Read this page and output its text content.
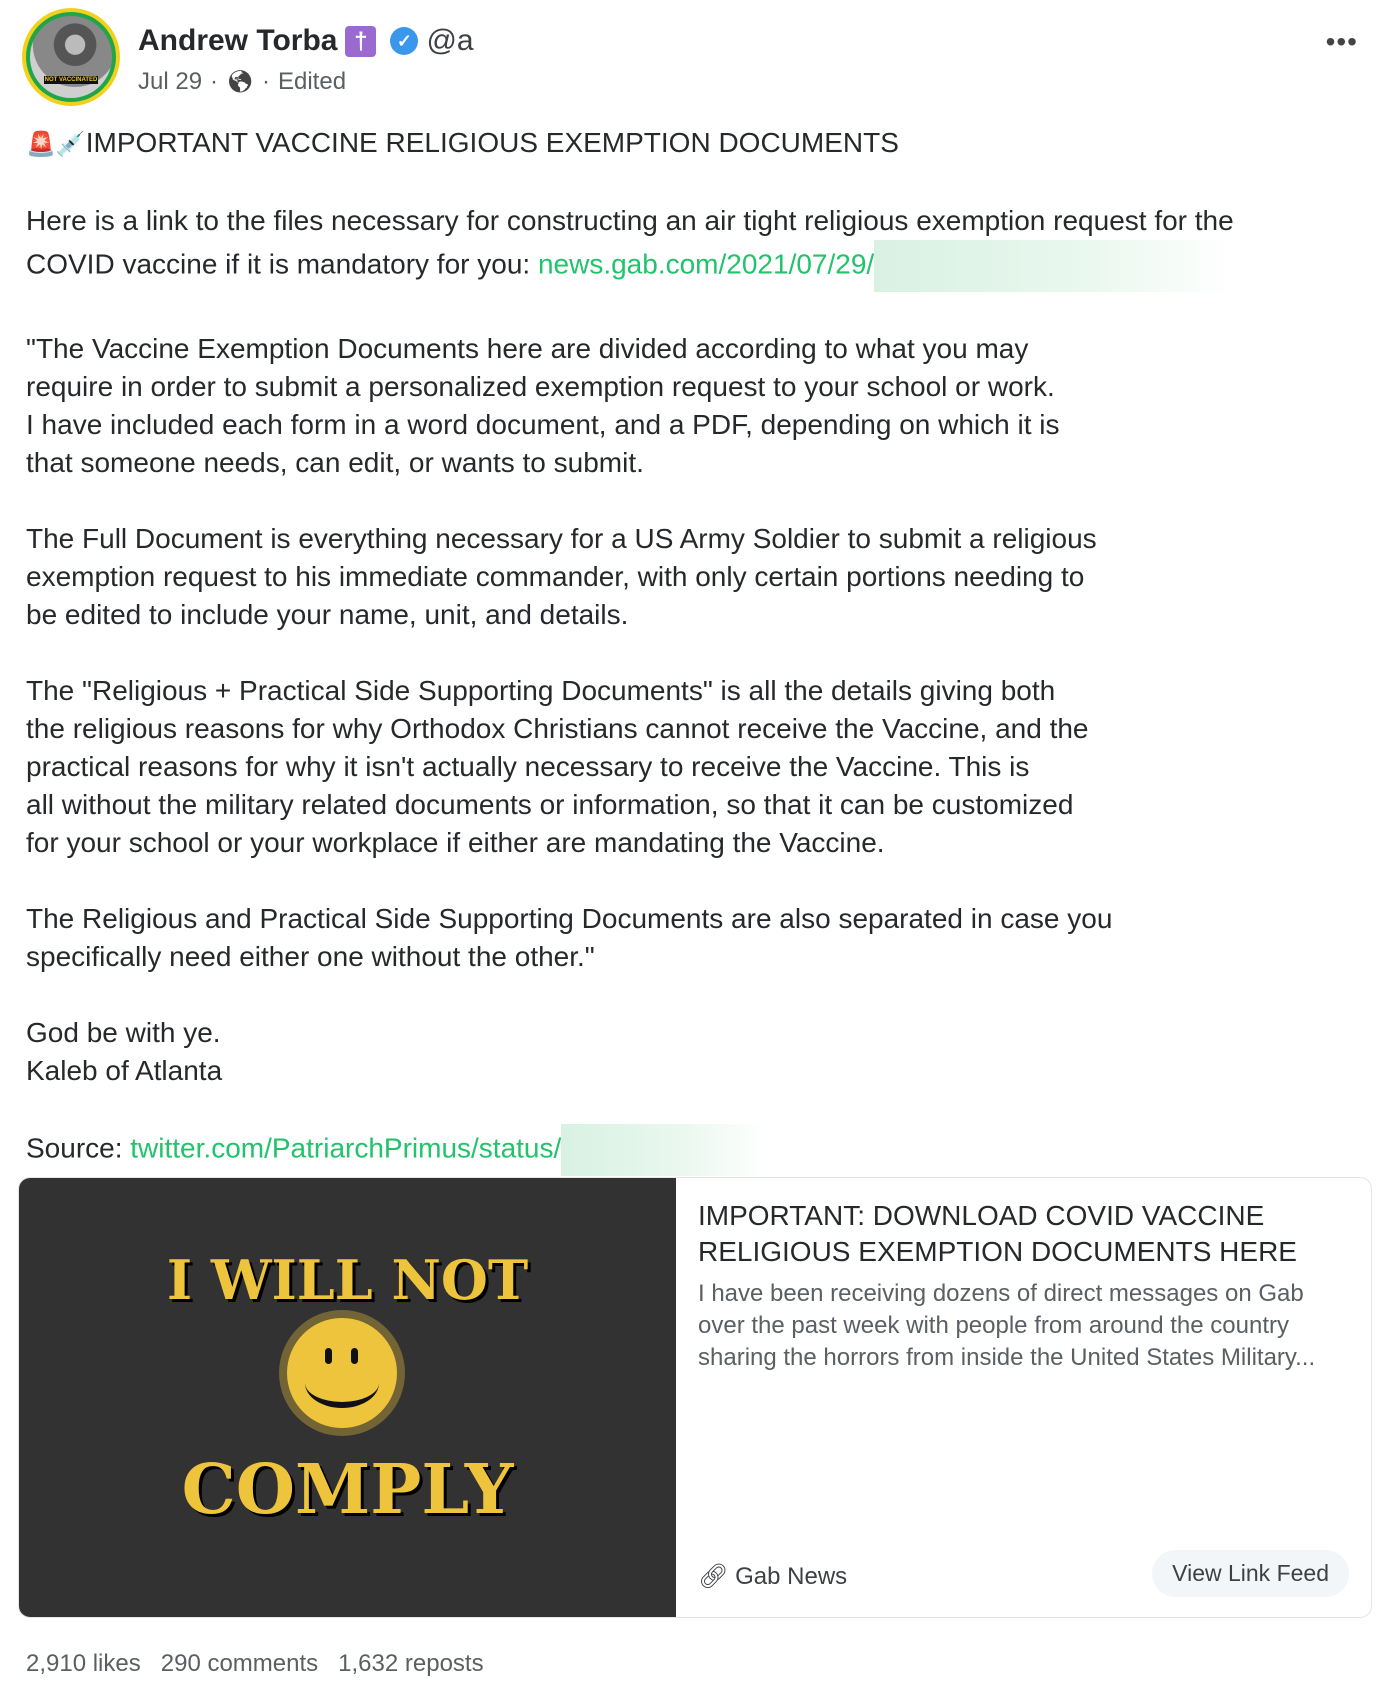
NOT VACCINATED
Andrew Torba †	✓ @a
Jul 29 · 🌎︎ · Edited
•••

🚨💉IMPORTANT VACCINE RELIGIOUS EXEMPTION DOCUMENTS

Here is a link to the files necessary for constructing an air tight religious exemption request for the
COVID vaccine if it is mandatory for you: news.gab.com/2021/07/29/

"The Vaccine Exemption Documents here are divided according to what you may
require in order to submit a personalized exemption request to your school or work.
I have included each form in a word document, and a PDF, depending on which it is
that someone needs, can edit, or wants to submit.

The Full Document is everything necessary for a US Army Soldier to submit a religious
exemption request to his immediate commander, with only certain portions needing to
be edited to include your name, unit, and details.

The "Religious + Practical Side Supporting Documents" is all the details giving both
the religious reasons for why Orthodox Christians cannot receive the Vaccine, and the
practical reasons for why it isn't actually necessary to receive the Vaccine. This is
all without the military related documents or information, so that it can be customized
for your school or your workplace if either are mandating the Vaccine.

The Religious and Practical Side Supporting Documents are also separated in case you
specifically need either one without the other."

God be with ye.
Kaleb of Atlanta

Source: twitter.com/PatriarchPrimus/status/

I WILL NOT
COMPLY

IMPORTANT: DOWNLOAD COVID VACCINE RELIGIOUS EXEMPTION DOCUMENTS HERE

I have been receiving dozens of direct messages on Gab over the past week with people from around the country sharing the horrors from inside the United States Military...
🔗︎ Gab News	View Link Feed
2,910 likes 290 comments 1,632 reposts
